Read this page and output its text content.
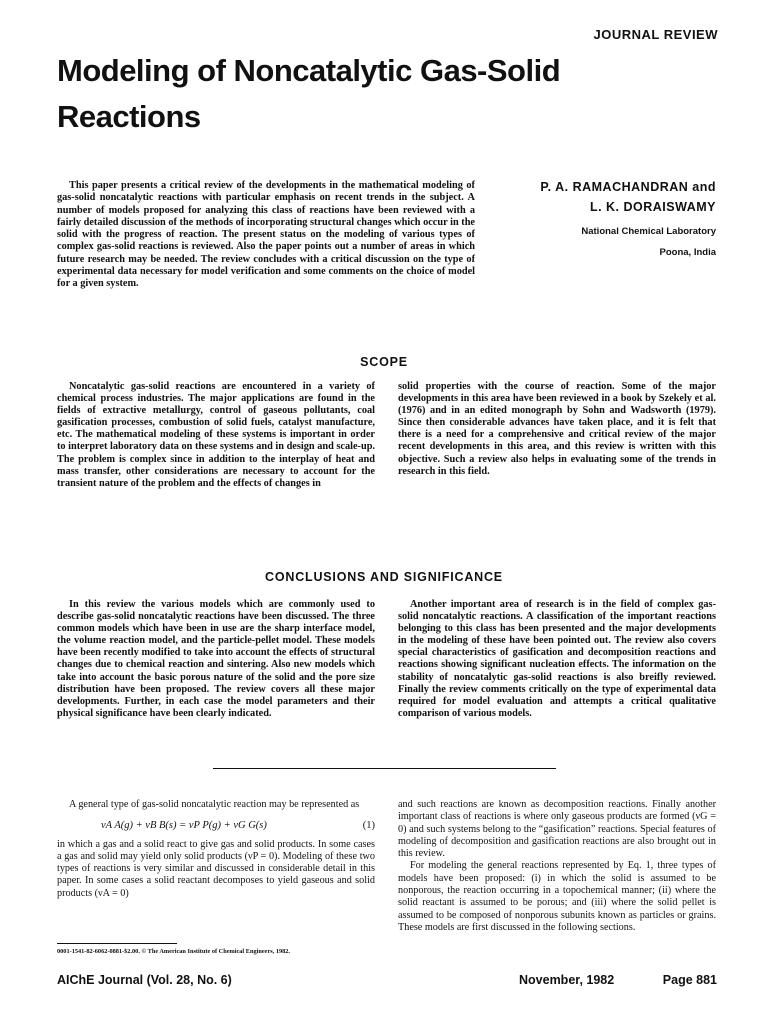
JOURNAL REVIEW
Modeling of Noncatalytic Gas-Solid Reactions

This paper presents a critical review of the developments in the mathematical modeling of gas-solid noncatalytic reactions with particular emphasis on recent trends in the subject. A number of models proposed for analyzing this class of reactions have been reviewed with a fairly detailed discussion of the methods of incorporating structural changes which occur in the solid with the progress of reaction. The present status on the modeling of various types of complex gas-solid reactions is reviewed. Also the paper points out a number of areas in which future research may be needed. The review concludes with a critical discussion on the type of experimental data necessary for model verification and some comments on the choice of model for a given system.

P. A. RAMACHANDRAN and
L. K. DORAISWAMY
National Chemical Laboratory
Poona, India
SCOPE

Noncatalytic gas-solid reactions are encountered in a variety of chemical process industries. The major applications are found in the fields of extractive metallurgy, control of gaseous pollutants, coal gasification processes, combustion of solid fuels, catalyst manufacture, etc. The mathematical modeling of these systems is important in order to interpret laboratory data on these systems and in design and scale-up. The problem is complex since in addition to the interplay of heat and mass transfer, other considerations are necessary to account for the transient nature of the problem and the effects of changes in

solid properties with the course of reaction. Some of the major developments in this area have been reviewed in a book by Szekely et al. (1976) and in an edited monograph by Sohn and Wadsworth (1979). Since then considerable advances have taken place, and it is felt that there is a need for a comprehensive and critical review of the major recent developments in this area, and this review is written with this objective. Such a review also helps in evaluating some of the trends in research in this field.

CONCLUSIONS AND SIGNIFICANCE

In this review the various models which are commonly used to describe gas-solid noncatalytic reactions have been discussed. The three common models which have been in use are the sharp interface model, the volume reaction model, and the particle-pellet model. These models have been recently modified to take into account the effects of structural changes due to chemical reaction and sintering. Also new models which take into account the basic porous nature of the solid and the pore size distribution have been proposed. The review covers all these major developments. Further, in each case the model parameters and their physical significance have been clearly indicated.

Another important area of research is in the field of complex gas-solid noncatalytic reactions. A classification of the important reactions belonging to this class has been presented and the major developments in the modeling of these have been pointed out. The review also covers special characteristics of gasification and decomposition reactions and reactions showing significant nucleation effects. The information on the stability of noncatalytic gas-solid reactions is also breifly reviewed. Finally the review comments critically on the type of experimental data required for model evaluation and attempts a critical qualitative comparison of various models.

A general type of gas-solid noncatalytic reaction may be represented as

νA A(g) + νB B(s) = νP P(g) + νG G(s)	(1)

in which a gas and a solid react to give gas and solid products. In some cases a gas and solid may yield only solid products (νP = 0). Modeling of these two types of reactions is very similar and discussed in considerable detail in this paper. In some cases a solid reactant decomposes to yield gaseous and solid products (νA = 0)

and such reactions are known as decomposition reactions. Finally another important class of reactions is where only gaseous products are formed (νG = 0) and such systems belong to the “gasification” reactions. Special features of modeling of decomposition and gasification reactions are also brought out in this review.

For modeling the general reactions represented by Eq. 1, three types of models have been proposed: (i) in which the solid is assumed to be nonporous, the reaction occurring in a topochemical manner; (ii) where the solid reactant is assumed to be porous; and (iii) where the solid pellet is assumed to be composed of nonporous subunits known as particles or grains. These models are first discussed in the following sections.

0001-1541-82-6062-0881-$2.00. © The American Institute of Chemical Engineers, 1982.
AIChE Journal (Vol. 28, No. 6)	November, 1982	Page 881
